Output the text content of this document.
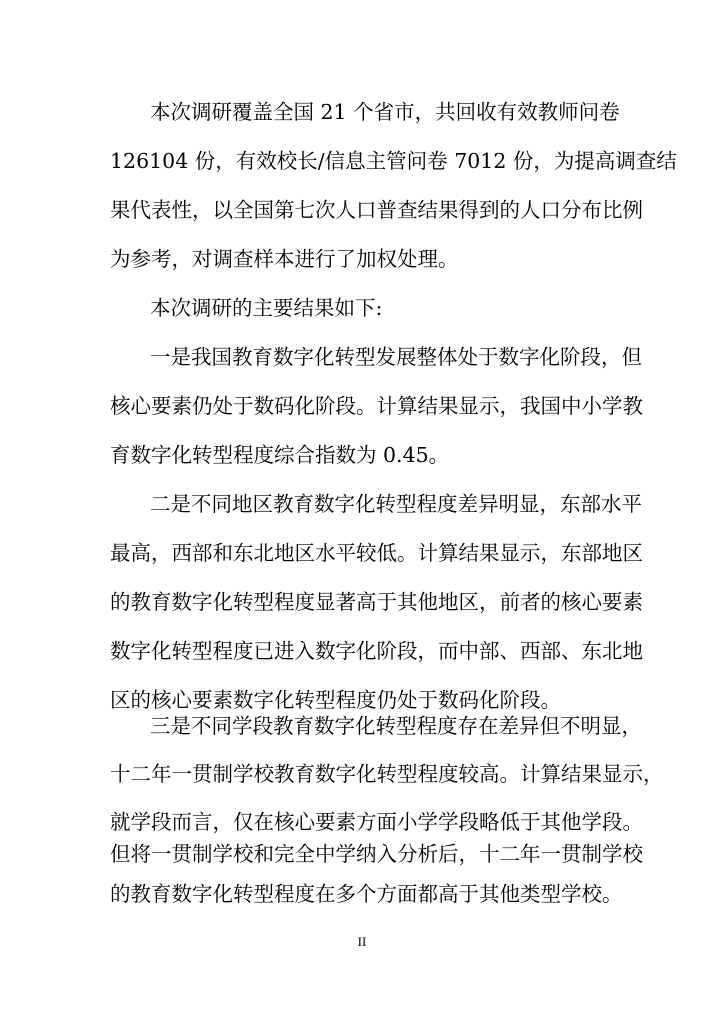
本次调研覆盖全国 21 个省市，共回收有效教师问卷

126104 份，有效校长/信息主管问卷 7012 份，为提高调查结

果代表性，以全国第七次人口普查结果得到的人口分布比例

为参考，对调查样本进行了加权处理。

本次调研的主要结果如下:

一是我国教育数字化转型发展整体处于数字化阶段，但

核心要素仍处于数码化阶段。计算结果显示，我国中小学教

育数字化转型程度综合指数为 0.45。

二是不同地区教育数字化转型程度差异明显，东部水平

最高，西部和东北地区水平较低。计算结果显示，东部地区

的教育数字化转型程度显著高于其他地区，前者的核心要素

数字化转型程度已进入数字化阶段，而中部、西部、东北地

区的核心要素数字化转型程度仍处于数码化阶段。

三是不同学段教育数字化转型程度存在差异但不明显，

十二年一贯制学校教育数字化转型程度较高。计算结果显示，

就学段而言，仅在核心要素方面小学学段略低于其他学段。

但将一贯制学校和完全中学纳入分析后，十二年一贯制学校

II

的教育数字化转型程度在多个方面都高于其他类型学校。
